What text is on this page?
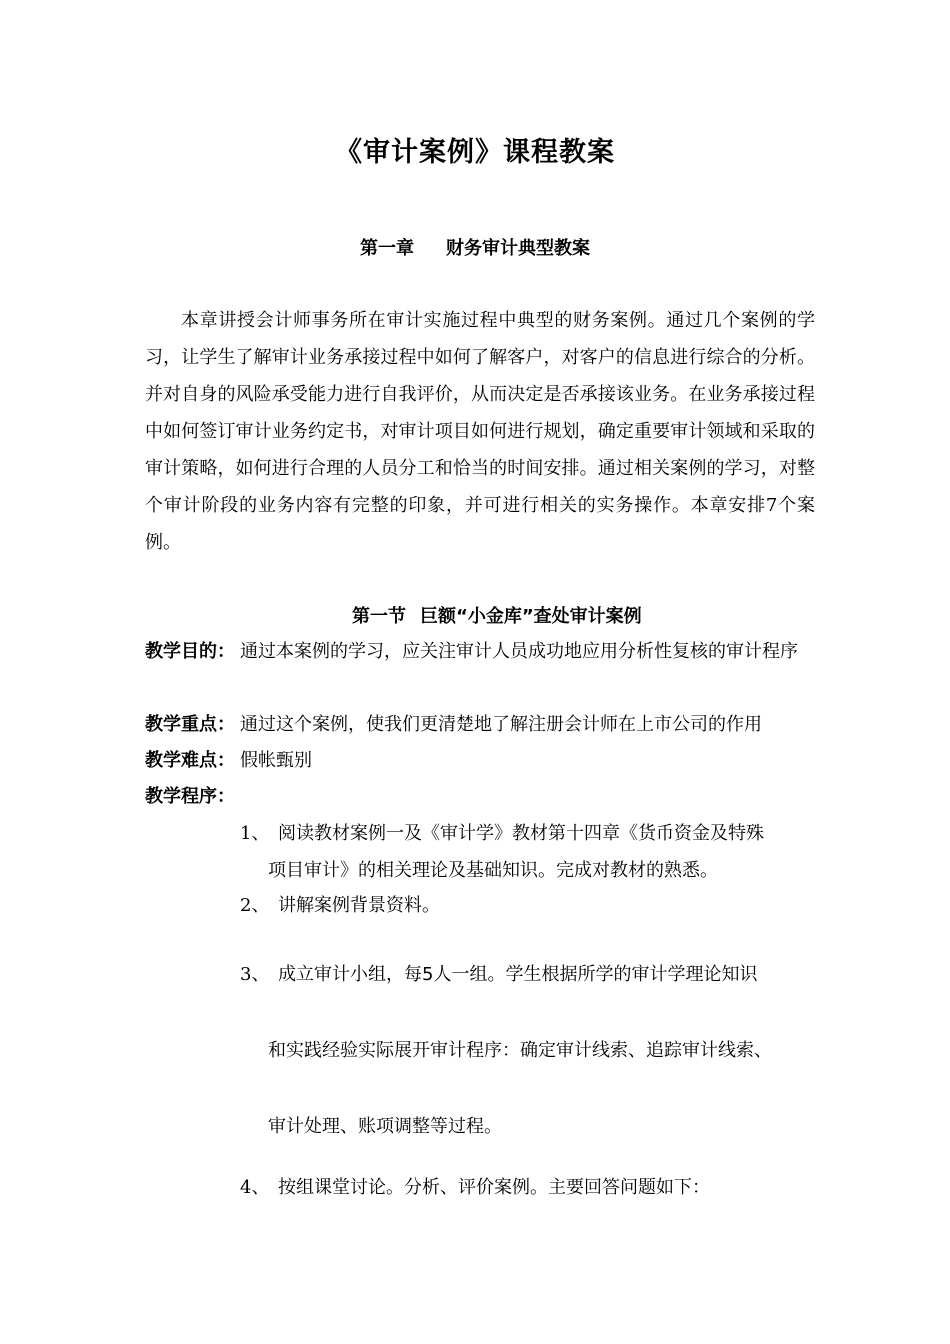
《审计案例》课程教案
第一章 财务审计典型教案
本章讲授会计师事务所在审计实施过程中典型的财务案例。通过几个案例的学习，让学生了解审计业务承接过程中如何了解客户，对客户的信息进行综合的分析。并对自身的风险承受能力进行自我评价，从而决定是否承接该业务。在业务承接过程中如何签订审计业务约定书，对审计项目如何进行规划，确定重要审计领域和采取的审计策略，如何进行合理的人员分工和恰当的时间安排。通过相关案例的学习，对整个审计阶段的业务内容有完整的印象，并可进行相关的实务操作。本章安排7个案例。
第一节 巨额“小金库”查处审计案例
教学目的： 通过本案例的学习，应关注审计人员成功地应用分析性复核的审计程序
教学重点： 通过这个案例，使我们更清楚地了解注册会计师在上市公司的作用
教学难点： 假帐甄别
教学程序：
1、 阅读教材案例一及《审计学》教材第十四章《货币资金及特殊
项目审计》的相关理论及基础知识。完成对教材的熟悉。
2、 讲解案例背景资料。
3、 成立审计小组，每5人一组。学生根据所学的审计学理论知识
和实践经验实际展开审计程序：确定审计线索、追踪审计线索、
审计处理、账项调整等过程。
4、 按组课堂讨论。分析、评价案例。主要回答问题如下：
